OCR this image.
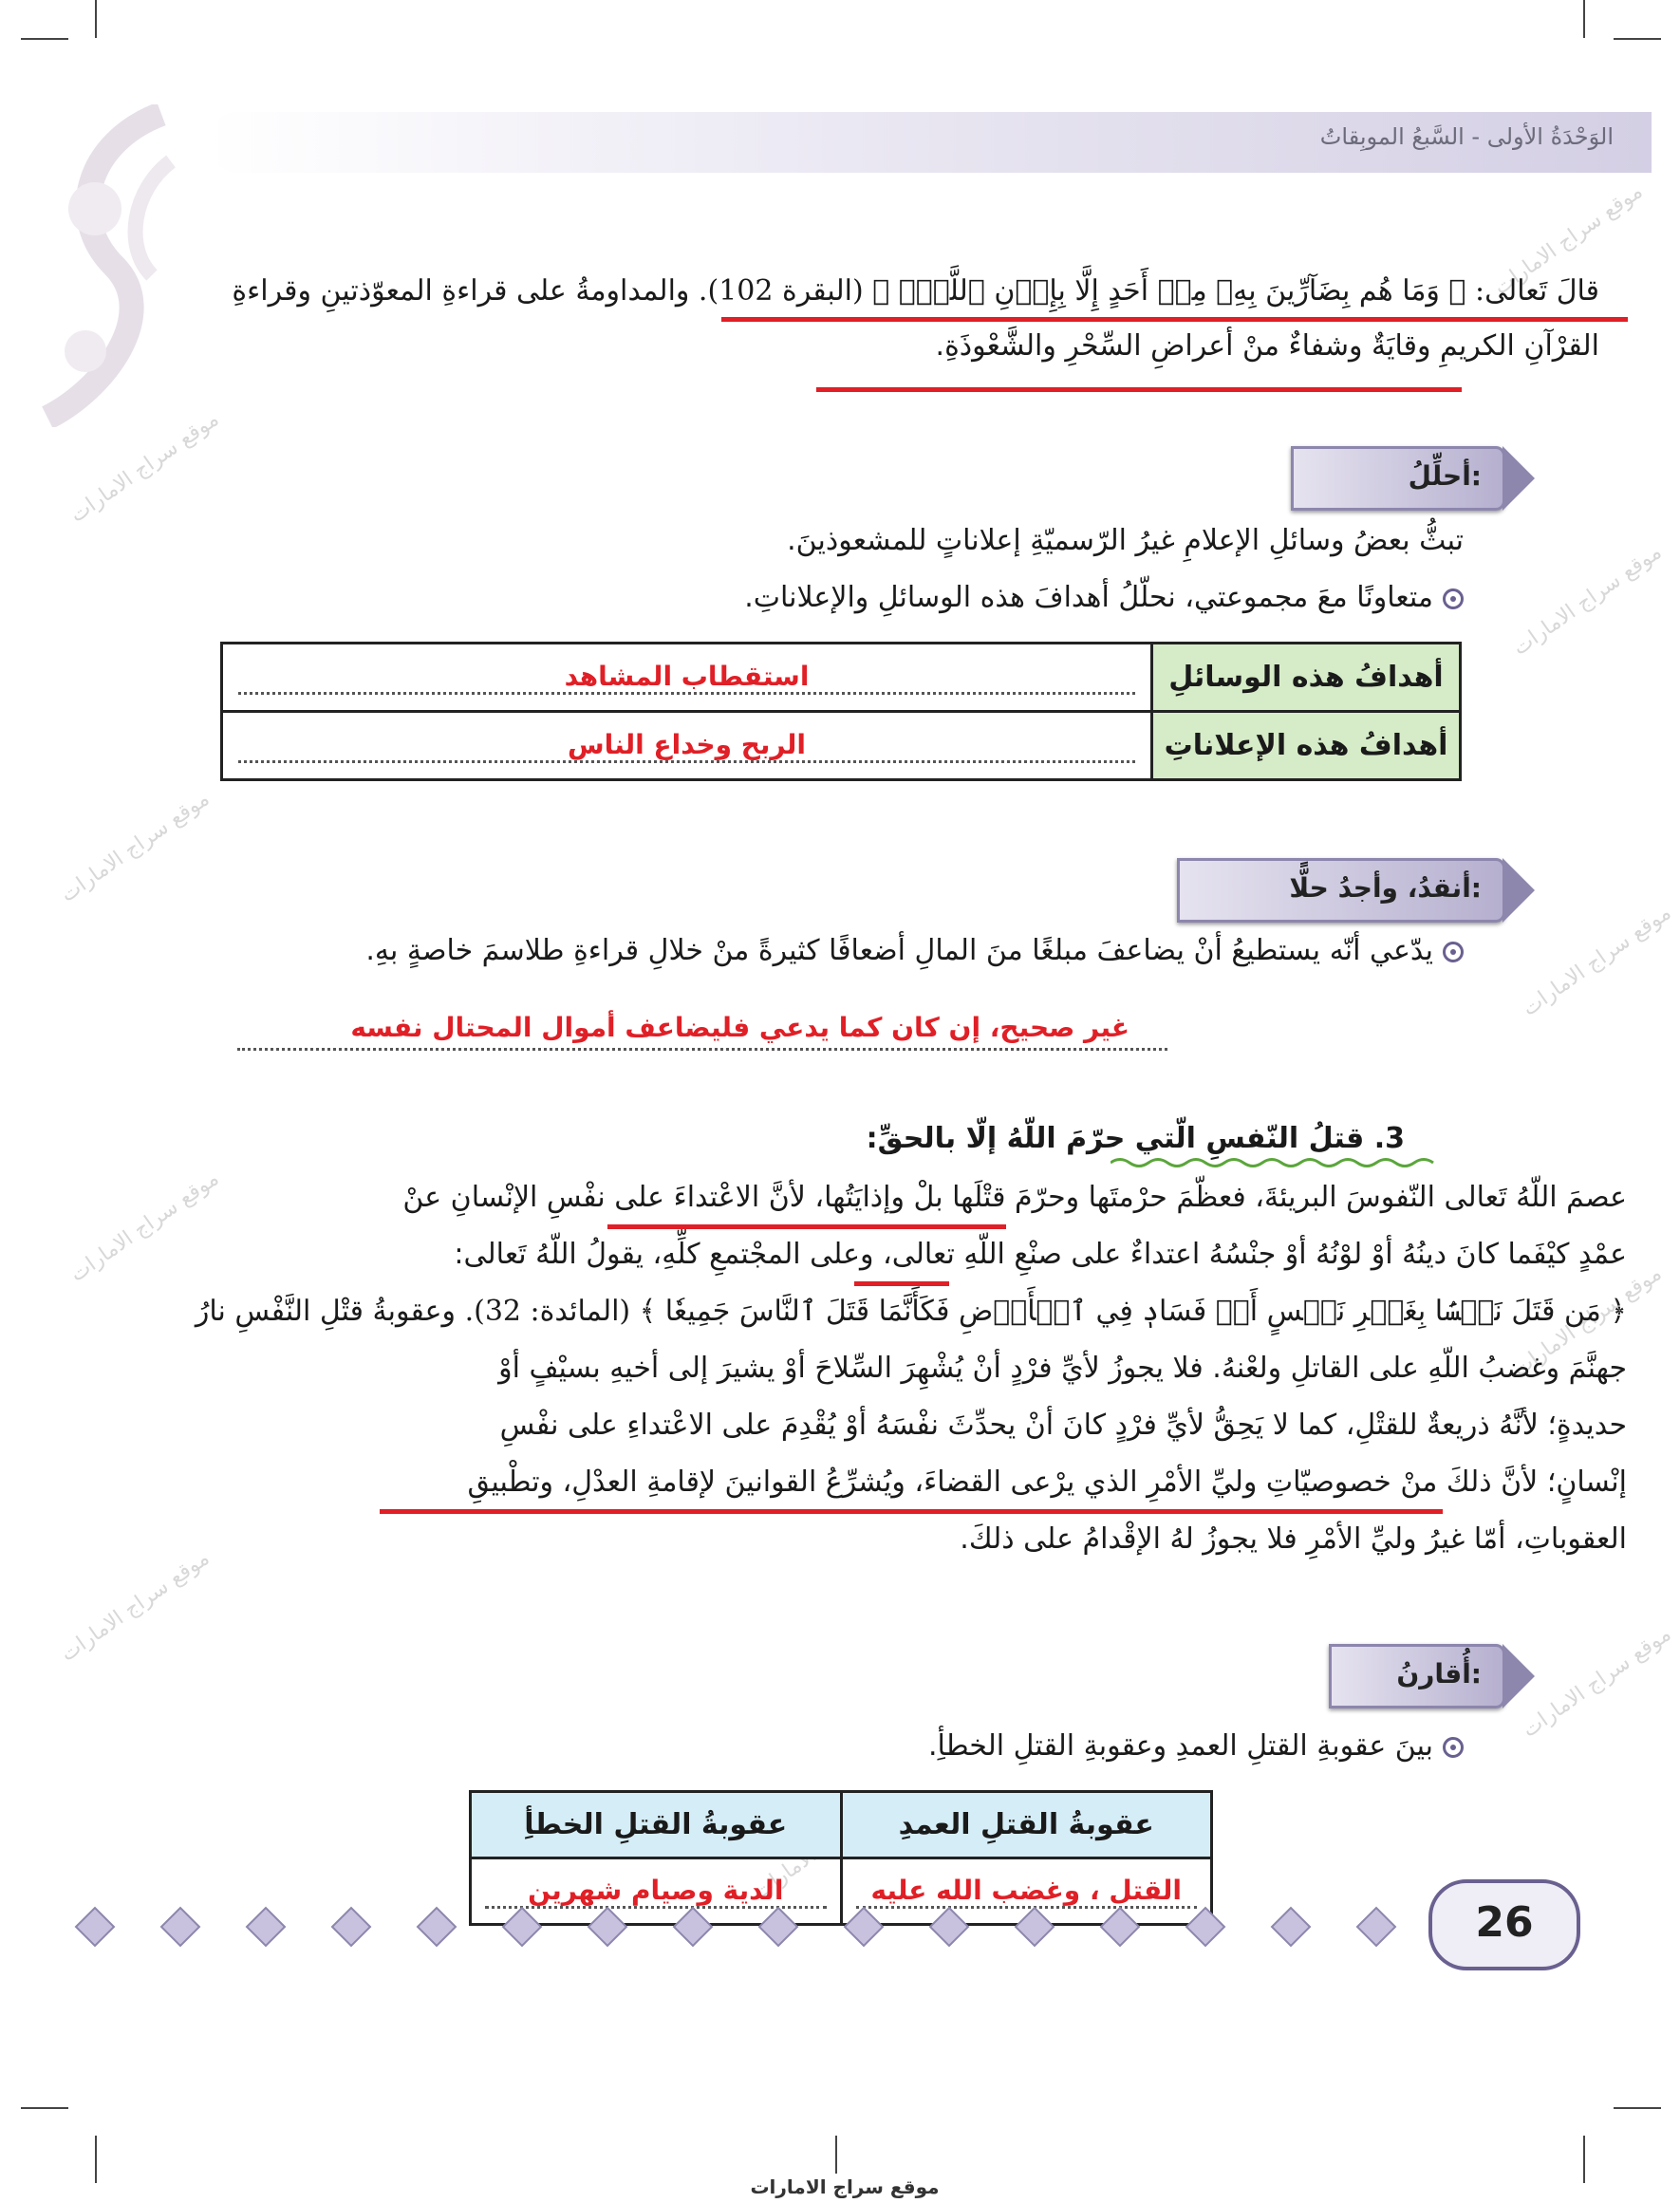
موقع سراج الامارات
موقع سراج الامارات
موقع سراج الامارات
موقع سراج الامارات
موقع سراج الامارات
موقع سراج الامارات
موقع سراج الامارات
موقع سراج الامارات
موقع سراج الامارات
موقع سراج الامارات
الوَحْدَةُ الأولى - السَّبعُ الموبِقاتُ
قالَ تَعالى: ﴿ وَمَا هُم بِضَآرِّينَ بِهِۦ مِنۡ أَحَدٍ إِلَّا بِإِذۡنِ ٱللَّهِۚ ﴾ (البقرة 102). والمداومةُ على قراءةِ المعوّذتينِ وقراءةِ
القرْآنِ الكريمِ وقايَةٌ وشفاءٌ منْ أعراضِ السِّحْرِ والشَّعْوذَةِ.
أحلِّلُ:
تبثُّ بعضُ وسائلِ الإعلامِ غيرُ الرّسميّةِ إعلاناتٍ للمشعوذينَ.
متعاونًا معَ مجموعتي، نحلّلُ أهدافَ هذه الوسائلِ والإعلاناتِ.
أهدافُ هذه الوسائلِ	استقطاب المشاهد

أهدافُ هذه الإعلاناتِ	الربح وخداع الناس
أنقدُ، وأجدُ حلًّا:
يدّعي أنّه يستطيعُ أنْ يضاعفَ مبلغًا منَ المالِ أضعافًا كثيرةً منْ خلالِ قراءةِ طلاسمَ خاصةٍ بهِ.
غير صحيح، إن كان كما يدعي فليضاعف أموال المحتال نفسه
3. قتلُ النّفسِ الّتي حرّمَ اللّهُ إلّا بالحقِّ:
عصمَ اللّهُ تَعالى النّفوسَ البريئةَ، فعظّمَ حرْمتَها وحرّمَ قتْلَها بلْ وإذايَتُها، لأنَّ الاعْتداءَ على نفْسِ الإنْسانِ عنْ
عمْدٍ كيْفَما كانَ دينُهُ أوْ لوْنُهُ أوْ جنْسُهُ اعتداءٌ على صنْعِ اللّهِ تعالى، وعلى المجْتمعِ كلِّهِ، يقولُ اللّهُ تَعالى:
﴿ مَن قَتَلَ نَفۡسَۢا بِغَيۡرِ نَفۡسٍ أَوۡ فَسَادٖ فِي ٱلۡأَرۡضِ فَكَأَنَّمَا قَتَلَ ٱلنَّاسَ جَمِيعٗا ﴾ (المائدة: 32). وعقوبةُ قتْلِ النَّفْسِ نارُ
جهنَّمَ وغضبُ اللّهِ على القاتلِ ولعْنهُ. فلا يجوزُ لأيِّ فرْدٍ أنْ يُشْهِرَ السِّلاحَ أوْ يشيرَ إلى أخيهِ بسيْفٍ أوْ
حديدةٍ؛ لأنَّهُ ذريعةٌ للقتْلِ، كما لا يَحِقُّ لأيِّ فرْدٍ كانَ أنْ يحدِّثَ نفْسَهُ أوْ يُقْدِمَ على الاعْتداءِ على نفْسِ
إنْسانٍ؛ لأنَّ ذلكَ منْ خصوصيّاتِ وليِّ الأمْرِ الذي يرْعى القضاءَ، ويُشرِّعُ القوانينَ لإقامةِ العدْلِ، وتطْبيقِ
العقوباتِ، أمّا غيرُ وليِّ الأمْرِ فلا يجوزُ لهُ الإقْدامُ على ذلكَ.
أُقارنُ:
بينَ عقوبةِ القتلِ العمدِ وعقوبةِ القتلِ الخطأِ.
عقوبةُ القتلِ العمدِ	عقوبةُ القتلِ الخطأِ

القتل ، وغضب الله عليه	الدية وصيام شهرين
26
موقع سراج الامارات
